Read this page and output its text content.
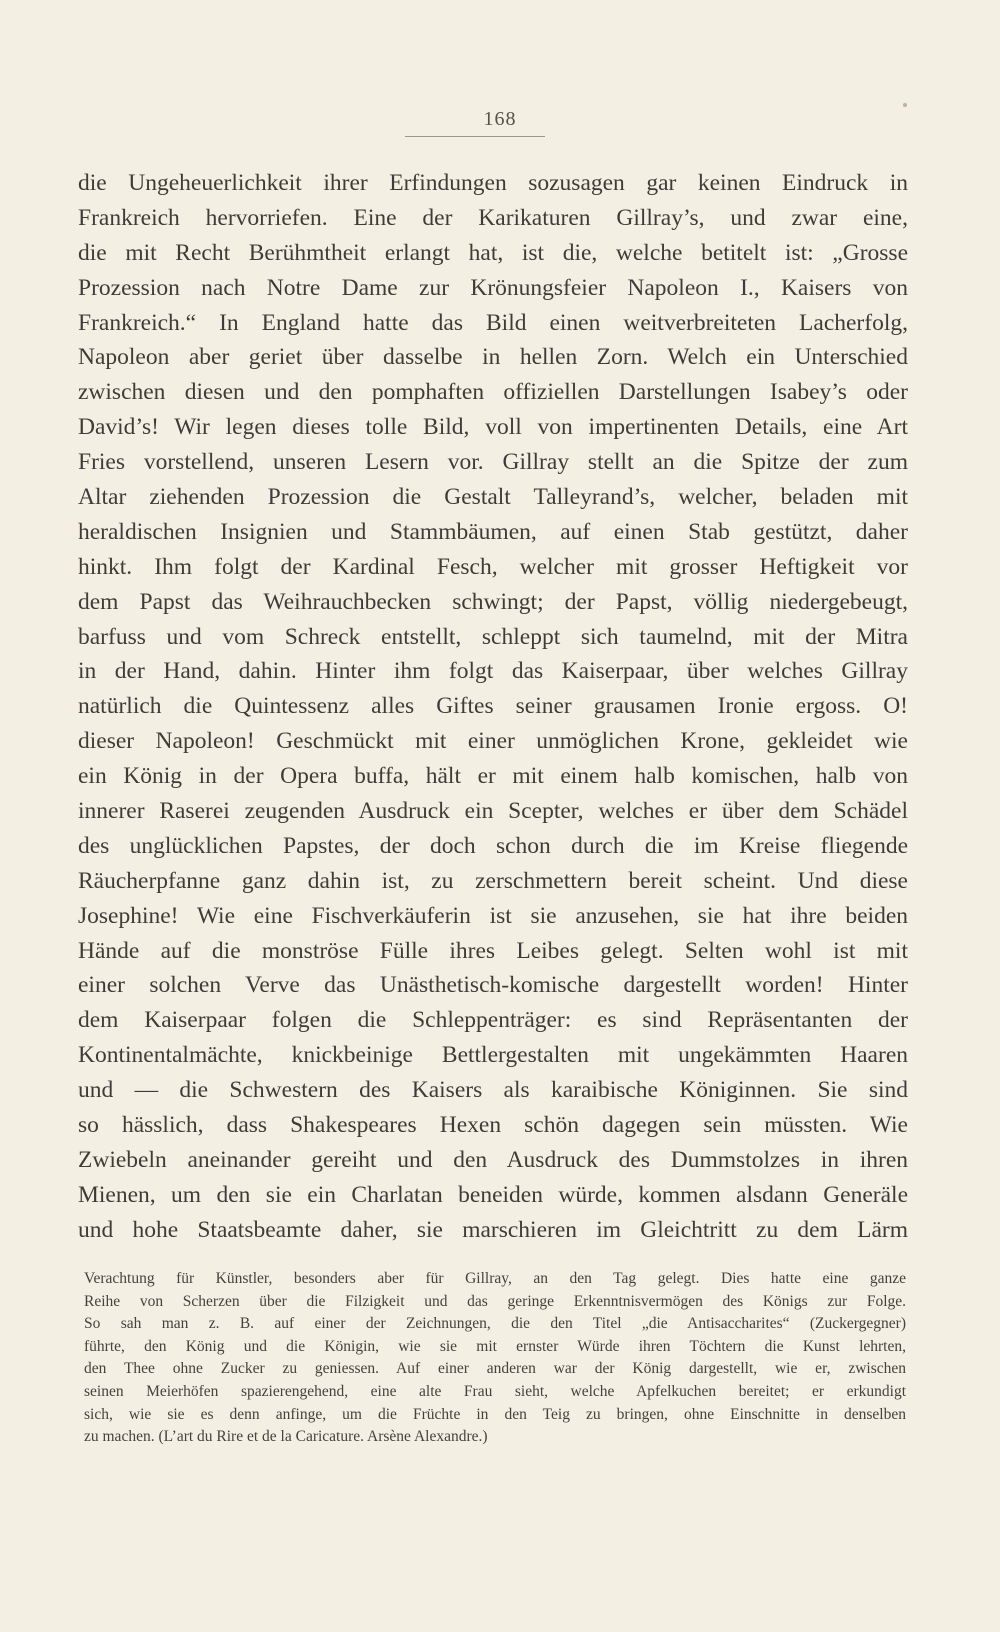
168
die Ungeheuerlichkeit ihrer Erfindungen sozusagen gar keinen Eindruck in
Frankreich hervorriefen. Eine der Karikaturen Gillray’s, und zwar eine,
die mit Recht Berühmtheit erlangt hat, ist die, welche betitelt ist: „Grosse
Prozession nach Notre Dame zur Krönungsfeier Napoleon I., Kaisers von
Frankreich.“ In England hatte das Bild einen weitverbreiteten Lacherfolg,
Napoleon aber geriet über dasselbe in hellen Zorn. Welch ein Unterschied
zwischen diesen und den pomphaften offiziellen Darstellungen Isabey’s oder
David’s! Wir legen dieses tolle Bild, voll von impertinenten Details, eine Art
Fries vorstellend, unseren Lesern vor. Gillray stellt an die Spitze der zum
Altar ziehenden Prozession die Gestalt Talleyrand’s, welcher, beladen mit
heraldischen Insignien und Stammbäumen, auf einen Stab gestützt, daher
hinkt. Ihm folgt der Kardinal Fesch, welcher mit grosser Heftigkeit vor
dem Papst das Weihrauchbecken schwingt; der Papst, völlig niedergebeugt,
barfuss und vom Schreck entstellt, schleppt sich taumelnd, mit der Mitra
in der Hand, dahin. Hinter ihm folgt das Kaiserpaar, über welches Gillray
natürlich die Quintessenz alles Giftes seiner grausamen Ironie ergoss. O!
dieser Napoleon! Geschmückt mit einer unmöglichen Krone, gekleidet wie
ein König in der Opera buffa, hält er mit einem halb komischen, halb von
innerer Raserei zeugenden Ausdruck ein Scepter, welches er über dem Schädel
des unglücklichen Papstes, der doch schon durch die im Kreise fliegende
Räucherpfanne ganz dahin ist, zu zerschmettern bereit scheint. Und diese
Josephine! Wie eine Fischverkäuferin ist sie anzusehen, sie hat ihre beiden
Hände auf die monströse Fülle ihres Leibes gelegt. Selten wohl ist mit
einer solchen Verve das Unästhetisch-komische dargestellt worden! Hinter
dem Kaiserpaar folgen die Schleppenträger: es sind Repräsentanten der
Kontinentalmächte, knickbeinige Bettlergestalten mit ungekämmten Haaren
und — die Schwestern des Kaisers als karaibische Königinnen. Sie sind
so hässlich, dass Shakespeares Hexen schön dagegen sein müssten. Wie
Zwiebeln aneinander gereiht und den Ausdruck des Dummstolzes in ihren
Mienen, um den sie ein Charlatan beneiden würde, kommen alsdann Generäle
und hohe Staatsbeamte daher, sie marschieren im Gleichtritt zu dem Lärm
Verachtung für Künstler, besonders aber für Gillray, an den Tag gelegt. Dies hatte eine ganze
Reihe von Scherzen über die Filzigkeit und das geringe Erkenntnisvermögen des Königs zur Folge.
So sah man z. B. auf einer der Zeichnungen, die den Titel „die Antisaccharites“ (Zuckergegner)
führte, den König und die Königin, wie sie mit ernster Würde ihren Töchtern die Kunst lehrten,
den Thee ohne Zucker zu geniessen. Auf einer anderen war der König dargestellt, wie er, zwischen
seinen Meierhöfen spazierengehend, eine alte Frau sieht, welche Apfelkuchen bereitet; er erkundigt
sich, wie sie es denn anfinge, um die Früchte in den Teig zu bringen, ohne Einschnitte in denselben
zu machen. (L’art du Rire et de la Caricature. Arsène Alexandre.)
